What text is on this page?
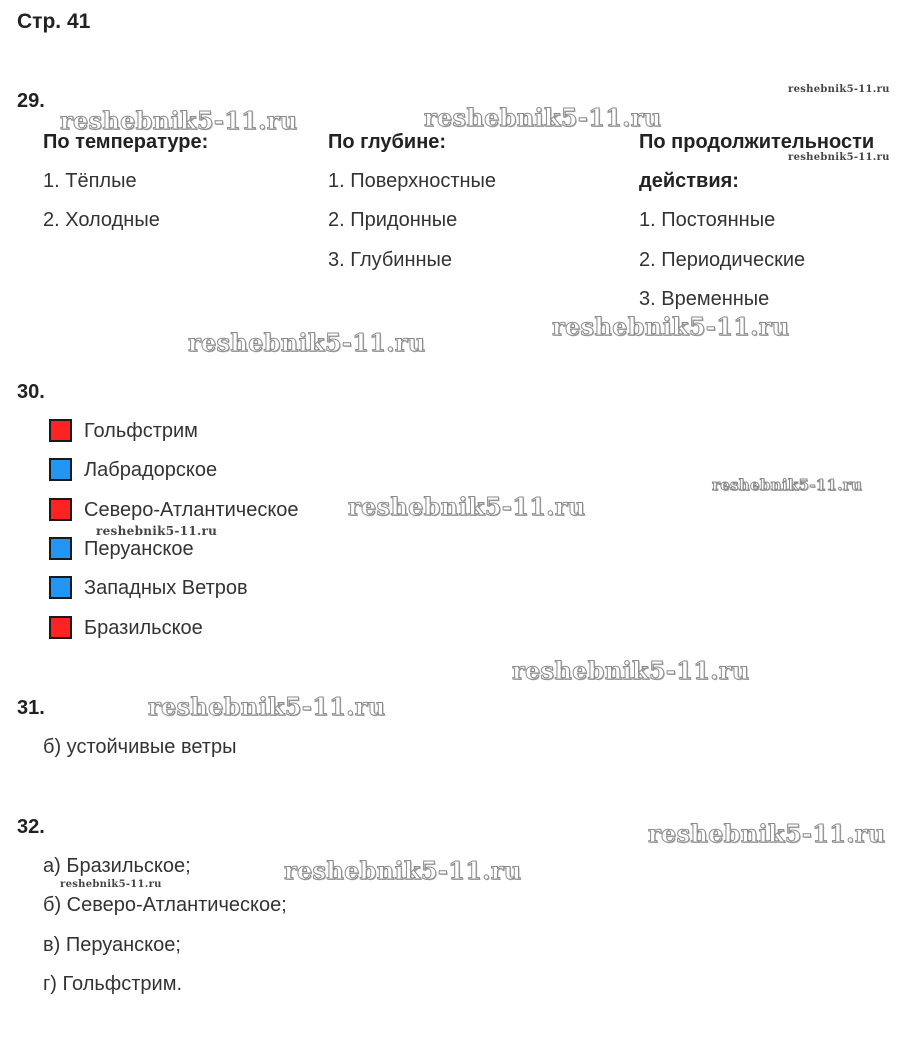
Стр. 41
29.
По температуре:
1. Тёплые
2. Холодные
По глубине:
1. Поверхностные
2. Придонные
3. Глубинные
По продолжительности
действия:
1. Постоянные
2. Периодические
3. Временные
30.
Гольфстрим
Лабрадорское
Северо-Атлантическое
Перуанское
Западных Ветров
Бразильское
31.
б) устойчивые ветры
32.
а) Бразильское;
б) Северо-Атлантическое;
в) Перуанское;
г) Гольфстрим.
reshebnik5-11.ru	reshebnik5-11.ru
reshebnik5-11.ru
reshebnik5-11.ru
reshebnik5-11.ru
reshebnik5-11.ru
reshebnik5-11.ru
reshebnik5-11.ru
reshebnik5-11.ru
reshebnik5-11.ru
reshebnik5-11.ru
reshebnik5-11.ru
reshebnik5-11.ru
reshebnik5-11.ru
